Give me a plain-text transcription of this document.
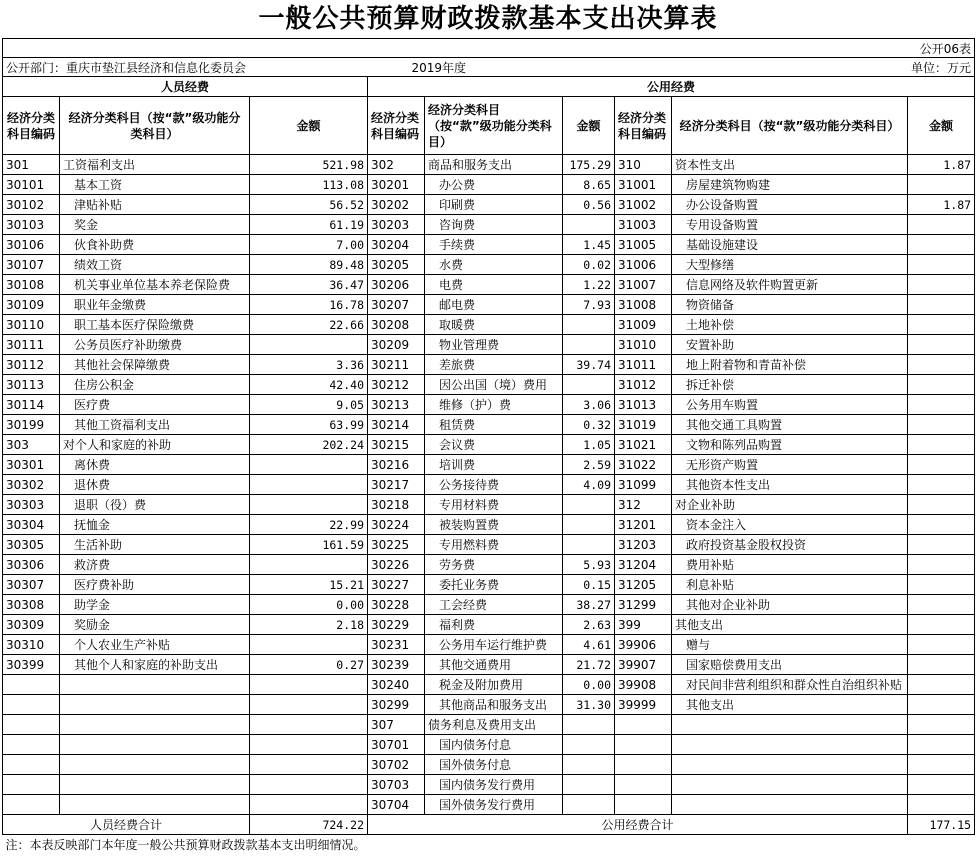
一般公共预算财政拨款基本支出决算表
公开06表								
公开部门：重庆市垫江县经济和信息化委员会			2019年度			单位：万元		
人员经费			公用经费					
经济分类科目编码	经济分类科目（按“款”级功能分类科目）	金额	经济分类科目编码	经济分类科目（按“款”级功能分类科目）	金额	经济分类科目编码	经济分类科目（按“款”级功能分类科目）	金额
301	工资福利支出	521.98	302	商品和服务支出	175.29	310	资本性支出	1.87
30101	基本工资	113.08	30201	办公费	8.65	31001	房屋建筑物购建	
30102	津贴补贴	56.52	30202	印刷费	0.56	31002	办公设备购置	1.87
30103	奖金	61.19	30203	咨询费		31003	专用设备购置	
30106	伙食补助费	7.00	30204	手续费	1.45	31005	基础设施建设	
30107	绩效工资	89.48	30205	水费	0.02	31006	大型修缮	
30108	机关事业单位基本养老保险费	36.47	30206	电费	1.22	31007	信息网络及软件购置更新	
30109	职业年金缴费	16.78	30207	邮电费	7.93	31008	物资储备	
30110	职工基本医疗保险缴费	22.66	30208	取暖费		31009	土地补偿	
30111	公务员医疗补助缴费		30209	物业管理费		31010	安置补助	
30112	其他社会保障缴费	3.36	30211	差旅费	39.74	31011	地上附着物和青苗补偿	
30113	住房公积金	42.40	30212	因公出国（境）费用		31012	拆迁补偿	
30114	医疗费	9.05	30213	维修（护）费	3.06	31013	公务用车购置	
30199	其他工资福利支出	63.99	30214	租赁费	0.32	31019	其他交通工具购置	
303	对个人和家庭的补助	202.24	30215	会议费	1.05	31021	文物和陈列品购置	
30301	离休费		30216	培训费	2.59	31022	无形资产购置	
30302	退休费		30217	公务接待费	4.09	31099	其他资本性支出	
30303	退职（役）费		30218	专用材料费		312	对企业补助	
30304	抚恤金	22.99	30224	被装购置费		31201	资本金注入	
30305	生活补助	161.59	30225	专用燃料费		31203	政府投资基金股权投资	
30306	救济费		30226	劳务费	5.93	31204	费用补贴	
30307	医疗费补助	15.21	30227	委托业务费	0.15	31205	利息补贴	
30308	助学金	0.00	30228	工会经费	38.27	31299	其他对企业补助	
30309	奖励金	2.18	30229	福利费	2.63	399	其他支出	
30310	个人农业生产补贴		30231	公务用车运行维护费	4.61	39906	赠与	
30399	其他个人和家庭的补助支出	0.27	30239	其他交通费用	21.72	39907	国家赔偿费用支出	
			30240	税金及附加费用	0.00	39908	对民间非营利组织和群众性自治组织补贴	
			30299	其他商品和服务支出	31.30	39999	其他支出	
			307	债务利息及费用支出				
			30701	国内债务付息				
			30702	国外债务付息				
			30703	国内债务发行费用				
			30704	国外债务发行费用				
人员经费合计		724.22	公用经费合计					177.15
注：本表反映部门本年度一般公共预算财政拨款基本支出明细情况。								
